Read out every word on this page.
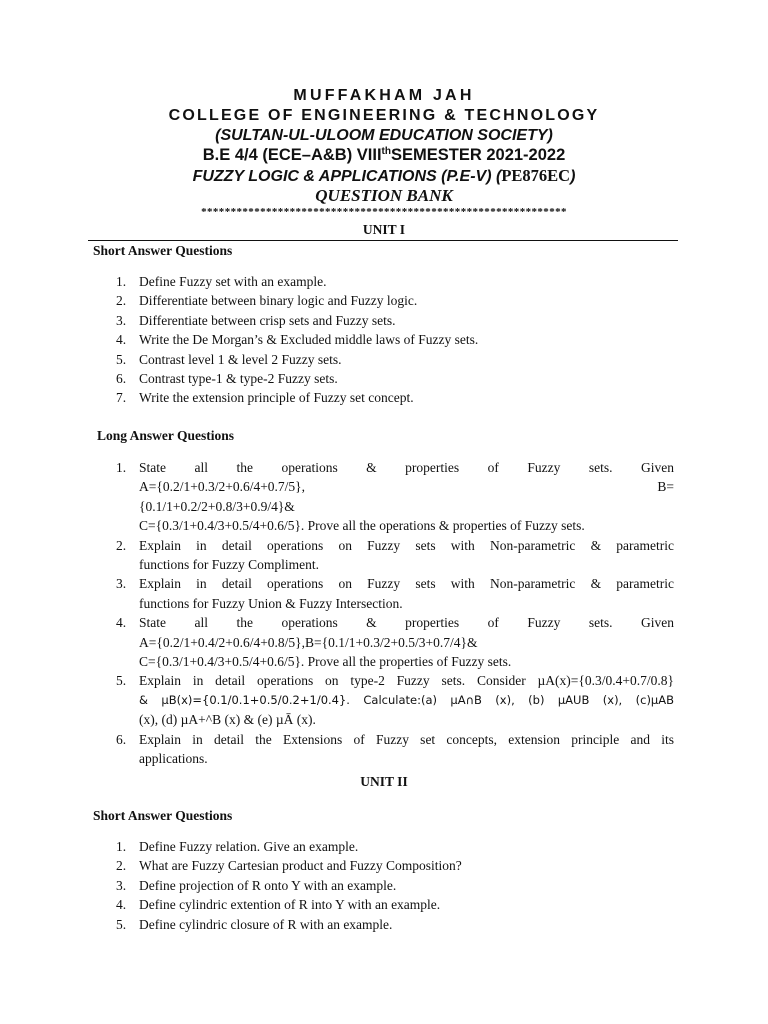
MUFFAKHAM JAH
COLLEGE OF ENGINEERING & TECHNOLOGY
(SULTAN-UL-ULOOM EDUCATION SOCIETY)
B.E 4/4 (ECE–A&B) VIIIthSEMESTER 2021-2022
FUZZY LOGIC & APPLICATIONS (P.E-V) (PE876EC)
QUESTION BANK
**************************************************************
UNIT I
Short Answer Questions
1. Define Fuzzy set with an example.
2. Differentiate between binary logic and Fuzzy logic.
3. Differentiate between crisp sets and Fuzzy sets.
4. Write the De Morgan’s & Excluded middle laws of Fuzzy sets.
5. Contrast level 1 & level 2 Fuzzy sets.
6. Contrast type-1 & type-2 Fuzzy sets.
7. Write the extension principle of Fuzzy set concept.
Long Answer Questions
1. State all the operations & properties of Fuzzy sets. Given
A={0.2/1+0.3/2+0.6/4+0.7/5}, B={0.1/1+0.2/2+0.8/3+0.9/4}&
C={0.3/1+0.4/3+0.5/4+0.6/5}. Prove all the operations & properties of Fuzzy sets.
2. Explain in detail operations on Fuzzy sets with Non-parametric & parametric
functions for Fuzzy Compliment.
3. Explain in detail operations on Fuzzy sets with Non-parametric & parametric
functions for Fuzzy Union & Fuzzy Intersection.
4. State all the operations & properties of Fuzzy sets. Given
A={0.2/1+0.4/2+0.6/4+0.8/5},B={0.1/1+0.3/2+0.5/3+0.7/4}&
C={0.3/1+0.4/3+0.5/4+0.6/5}. Prove all the properties of Fuzzy sets.
5. Explain in detail operations on type-2 Fuzzy sets. Consider µA(x)={0.3/0.4+0.7/0.8}
& µB(x)={0.1/0.1+0.5/0.2+1/0.4}. Calculate:(a) µA∩B (x), (b) µAUB (x), (c)µAB
(x), (d) µA+^B (x) & (e) µĀ (x).
6. Explain in detail the Extensions of Fuzzy set concepts, extension principle and its
applications.
UNIT II
Short Answer Questions
1. Define Fuzzy relation. Give an example.
2. What are Fuzzy Cartesian product and Fuzzy Composition?
3. Define projection of R onto Y with an example.
4. Define cylindric extention of R into Y with an example.
5. Define cylindric closure of R with an example.
